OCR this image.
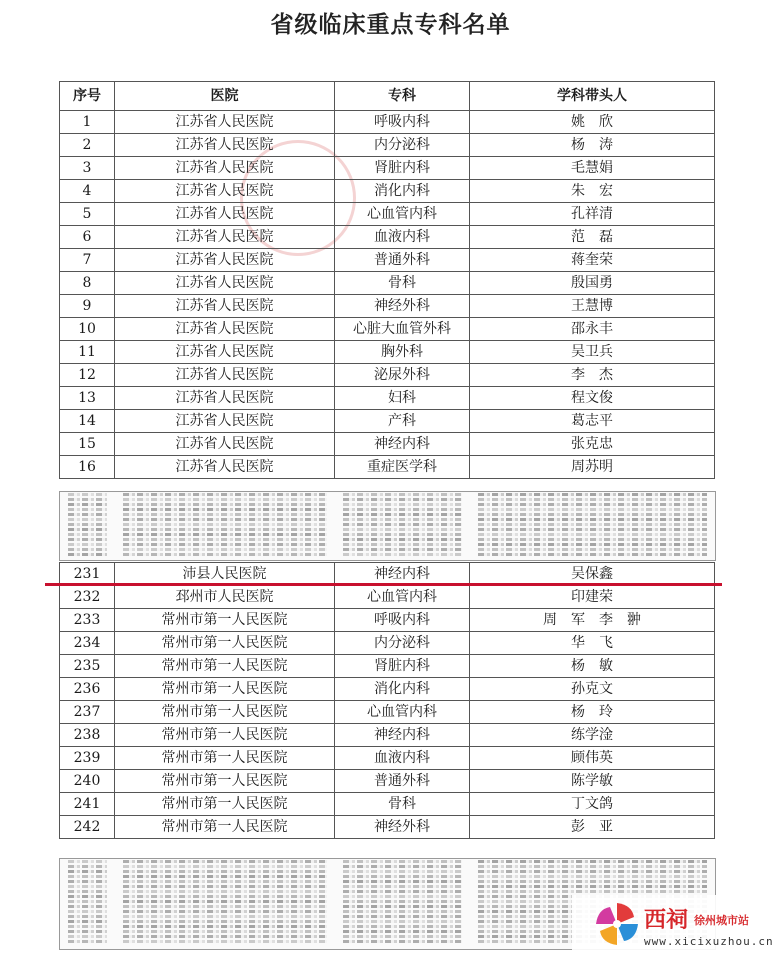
省级临床重点专科名单
序号	医院	专科	学科带头人
1	江苏省人民医院	呼吸内科	姚　欣
2	江苏省人民医院	内分泌科	杨　涛
3	江苏省人民医院	肾脏内科	毛慧娟
4	江苏省人民医院	消化内科	朱　宏
5	江苏省人民医院	心血管内科	孔祥清
6	江苏省人民医院	血液内科	范　磊
7	江苏省人民医院	普通外科	蒋奎荣
8	江苏省人民医院	骨科	殷国勇
9	江苏省人民医院	神经外科	王慧博
10	江苏省人民医院	心脏大血管外科	邵永丰
11	江苏省人民医院	胸外科	吴卫兵
12	江苏省人民医院	泌尿外科	李　杰
13	江苏省人民医院	妇科	程文俊
14	江苏省人民医院	产科	葛志平
15	江苏省人民医院	神经内科	张克忠
16	江苏省人民医院	重症医学科	周苏明
231	沛县人民医院	神经内科	吴保鑫
232	邳州市人民医院	心血管内科	印建荣
233	常州市第一人民医院	呼吸内科	周　军　李　翀
234	常州市第一人民医院	内分泌科	华　飞
235	常州市第一人民医院	肾脏内科	杨　敏
236	常州市第一人民医院	消化内科	孙克文
237	常州市第一人民医院	心血管内科	杨　玲
238	常州市第一人民医院	神经内科	练学淦
239	常州市第一人民医院	血液内科	顾伟英
240	常州市第一人民医院	普通外科	陈学敏
241	常州市第一人民医院	骨科	丁文鸽
242	常州市第一人民医院	神经外科	彭　亚
西祠 徐州城市站
www.xicixuzhou.cn
